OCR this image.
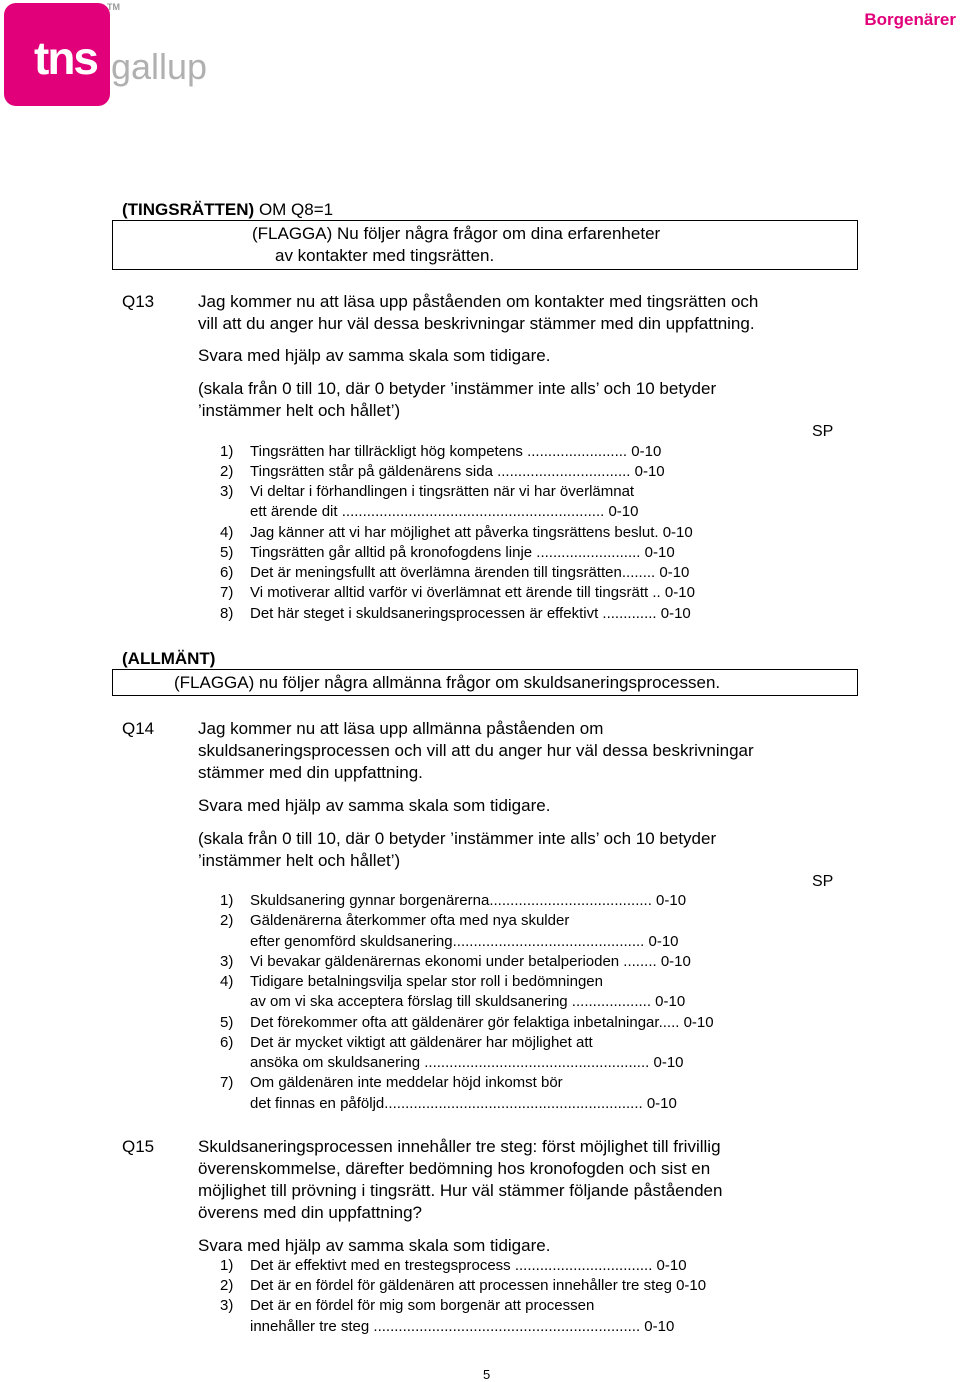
tns
TM
gallup
Borgenärer
(TINGSRÄTTEN) OM Q8=1
(FLAGGA) Nu följer några frågor om dina erfarenheter
av kontakter med tingsrätten.
Q13	Jag kommer nu att läsa upp påståenden om kontakter med tingsrätten och
vill att du anger hur väl dessa beskrivningar stämmer med din uppfattning.
Svara med hjälp av samma skala som tidigare.
(skala från 0 till 10, där 0 betyder ’instämmer inte alls’ och 10 betyder
’instämmer helt och hållet’)
SP
1) Tingsrätten har tillräckligt hög kompetens ........................ 0-10
2) Tingsrätten står på gäldenärens sida ................................ 0-10
3) Vi deltar i förhandlingen i tingsrätten när vi har överlämnat
ett ärende dit ............................................................... 0-10
4) Jag känner att vi har möjlighet att påverka tingsrättens beslut. 0-10
5) Tingsrätten går alltid på kronofogdens linje ......................... 0-10
6) Det är meningsfullt att överlämna ärenden till tingsrätten........ 0-10
7) Vi motiverar alltid varför vi överlämnat ett ärende till tingsrätt .. 0-10
8) Det här steget i skuldsaneringsprocessen är effektivt ............. 0-10
(ALLMÄNT)
(FLAGGA) nu följer några allmänna frågor om skuldsaneringsprocessen.
Q14	Jag kommer nu att läsa upp allmänna påståenden om
skuldsaneringsprocessen och vill att du anger hur väl dessa beskrivningar
stämmer med din uppfattning.
Svara med hjälp av samma skala som tidigare.
(skala från 0 till 10, där 0 betyder ’instämmer inte alls’ och 10 betyder
’instämmer helt och hållet’)
SP
1) Skuldsanering gynnar borgenärerna....................................... 0-10
2) Gäldenärerna återkommer ofta med nya skulder
efter genomförd skuldsanering.............................................. 0-10
3) Vi bevakar gäldenärernas ekonomi under betalperioden ........ 0-10
4) Tidigare betalningsvilja spelar stor roll i bedömningen
av om vi ska acceptera förslag till skuldsanering ................... 0-10
5) Det förekommer ofta att gäldenärer gör felaktiga inbetalningar..... 0-10
6) Det är mycket viktigt att gäldenärer har möjlighet att
ansöka om skuldsanering ...................................................... 0-10
7) Om gäldenären inte meddelar höjd inkomst bör
det finnas en påföljd.............................................................. 0-10
Q15	Skuldsaneringsprocessen innehåller tre steg: först möjlighet till frivillig
överenskommelse, därefter bedömning hos kronofogden och sist en
möjlighet till prövning i tingsrätt. Hur väl stämmer följande påståenden
överens med din uppfattning?
Svara med hjälp av samma skala som tidigare.
1) Det är effektivt med en trestegsprocess ................................. 0-10
2) Det är en fördel för gäldenären att processen innehåller tre steg 0-10
3) Det är en fördel för mig som borgenär att processen
innehåller tre steg ................................................................ 0-10
5
